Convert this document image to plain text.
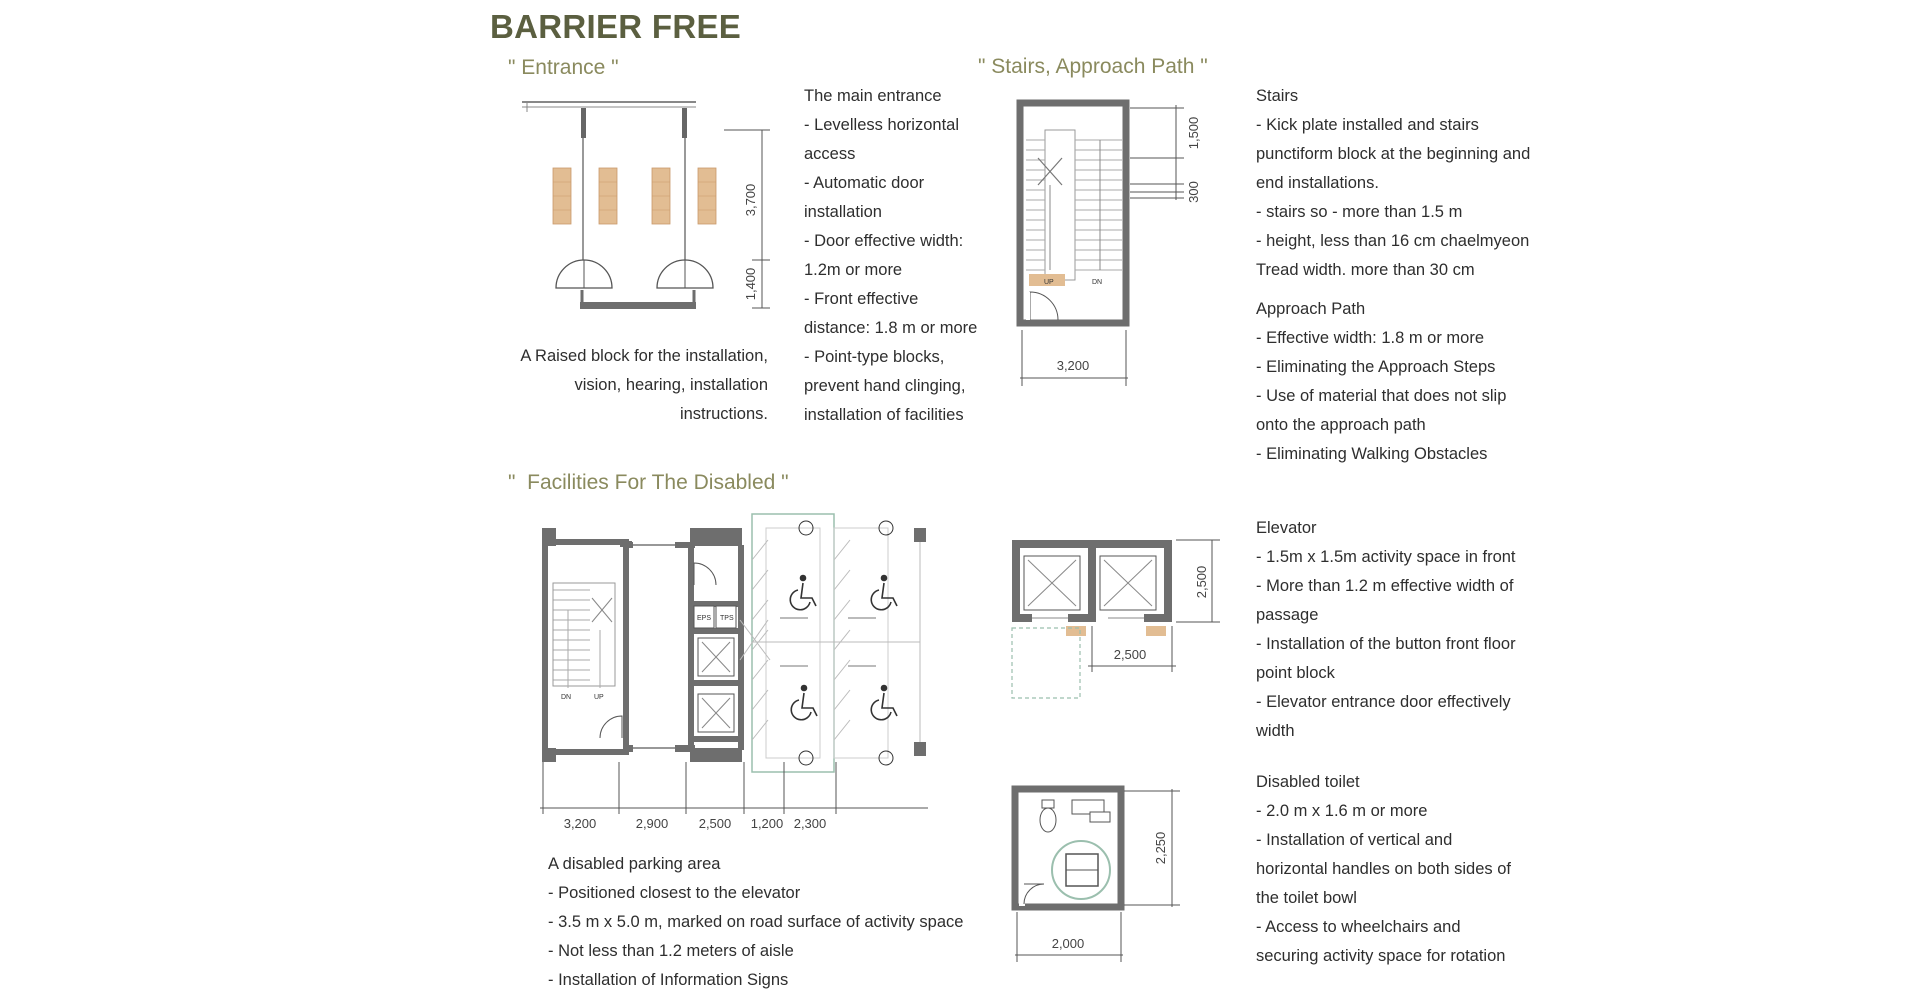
BARRIER FREE
" Entrance "	" Stairs, Approach Path "
"  Facilities For The Disabled "
A Raised block for the installation,
vision, hearing, installation
instructions.
The main entrance
- Levelless horizontal
access
- Automatic door
installation
- Door effective width:
1.2m or more
- Front effective
distance: 1.8 m or more
- Point-type blocks,
prevent hand clinging,
installation of facilities
Stairs
- Kick plate installed and stairs
punctiform block at the beginning and
end installations.
- stairs so - more than 1.5 m
- height, less than 16 cm chaelmyeon
Tread width. more than 30 cm
Approach Path
- Effective width: 1.8 m or more
- Eliminating the Approach Steps
- Use of material that does not slip
onto the approach path
- Eliminating Walking Obstacles
Elevator
- 1.5m x 1.5m activity space in front
- More than 1.2 m effective width of
passage
- Installation of the button front floor
point block
- Elevator entrance door effectively
width
Disabled toilet
- 2.0 m x 1.6 m or more
- Installation of vertical and
horizontal handles on both sides of
the toilet bowl
- Access to wheelchairs and
securing activity space for rotation
A disabled parking area
- Positioned closest to the elevator
- 3.5 m x 5.0 m, marked on road surface of activity space
- Not less than 1.2 meters of aisle
- Installation of Information Signs
3,700
1,400	UP	DN
1,500
300
3,200
DN	UP
EPS TPS
3,200	2,900 2,500 1,200 2,300
2,500
2,500
2,250
2,000
